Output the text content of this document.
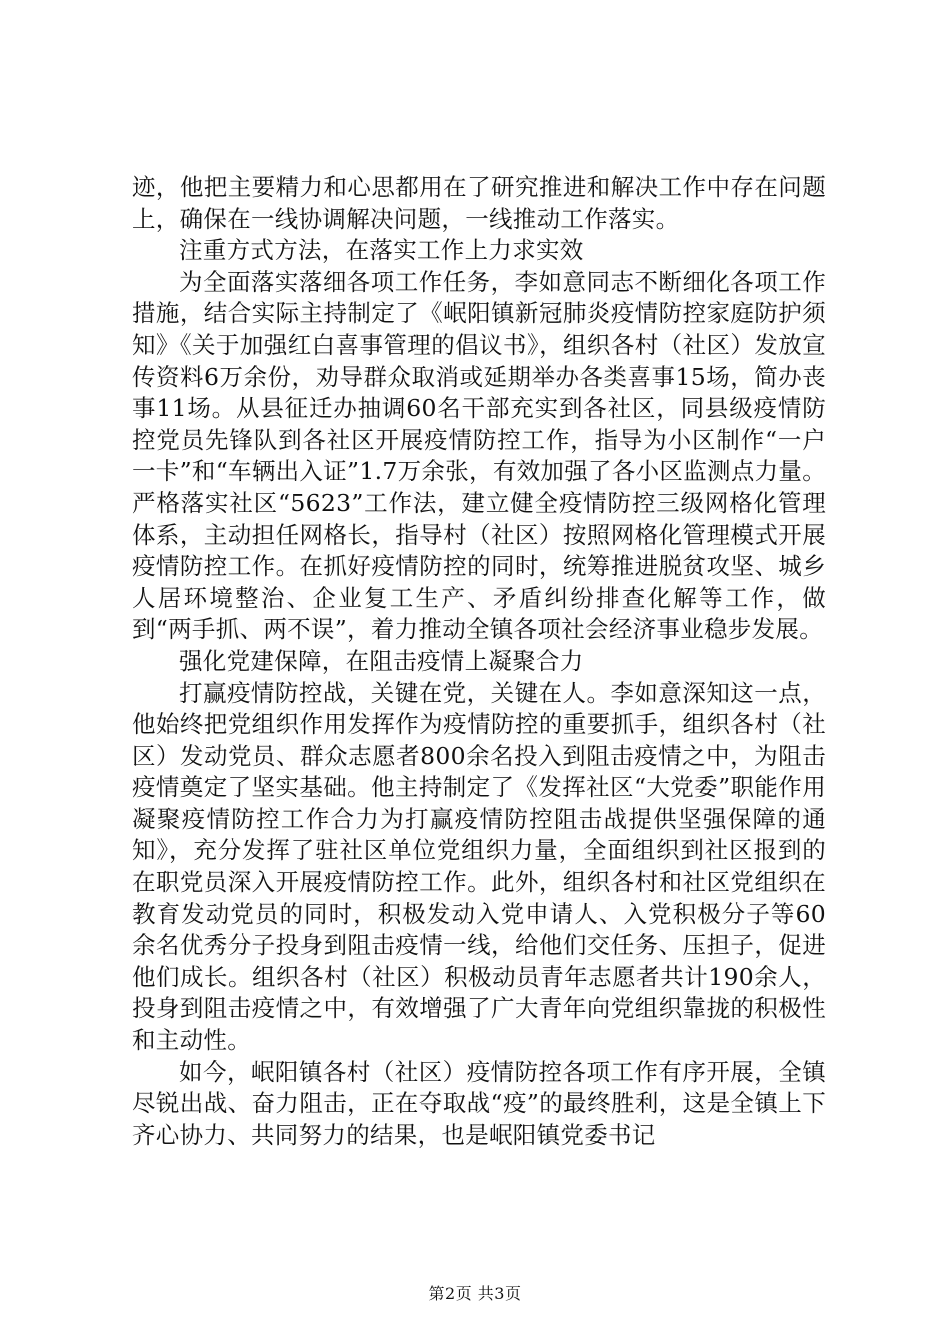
迹，他把主要精力和心思都用在了研究推进和解决工作中存在问题上，确保在一线协调解决问题，一线推动工作落实。

注重方式方法，在落实工作上力求实效

为全面落实落细各项工作任务，李如意同志不断细化各项工作措施，结合实际主持制定了《岷阳镇新冠肺炎疫情防控家庭防护须知》《关于加强红白喜事管理的倡议书》，组织各村（社区）发放宣传资料6万余份，劝导群众取消或延期举办各类喜事15场，简办丧事11场。从县征迁办抽调60名干部充实到各社区，同县级疫情防控党员先锋队到各社区开展疫情防控工作，指导为小区制作“一户一卡”和“车辆出入证”1.7万余张，有效加强了各小区监测点力量。严格落实社区“5623”工作法，建立健全疫情防控三级网格化管理体系，主动担任网格长，指导村（社区）按照网格化管理模式开展疫情防控工作。在抓好疫情防控的同时，统筹推进脱贫攻坚、城乡人居环境整治、企业复工生产、矛盾纠纷排查化解等工作，做到“两手抓、两不误”，着力推动全镇各项社会经济事业稳步发展。

强化党建保障，在阻击疫情上凝聚合力

打赢疫情防控战，关键在党，关键在人。李如意深知这一点，他始终把党组织作用发挥作为疫情防控的重要抓手，组织各村（社区）发动党员、群众志愿者800余名投入到阻击疫情之中，为阻击疫情奠定了坚实基础。他主持制定了《发挥社区“大党委”职能作用凝聚疫情防控工作合力为打赢疫情防控阻击战提供坚强保障的通知》，充分发挥了驻社区单位党组织力量，全面组织到社区报到的在职党员深入开展疫情防控工作。此外，组织各村和社区党组织在教育发动党员的同时，积极发动入党申请人、入党积极分子等60余名优秀分子投身到阻击疫情一线，给他们交任务、压担子，促进他们成长。组织各村（社区）积极动员青年志愿者共计190余人，投身到阻击疫情之中，有效增强了广大青年向党组织靠拢的积极性和主动性。

如今，岷阳镇各村（社区）疫情防控各项工作有序开展，全镇尽锐出战、奋力阻击，正在夺取战“疫”的最终胜利，这是全镇上下齐心协力、共同努力的结果，也是岷阳镇党委书记

第2页 共3页
